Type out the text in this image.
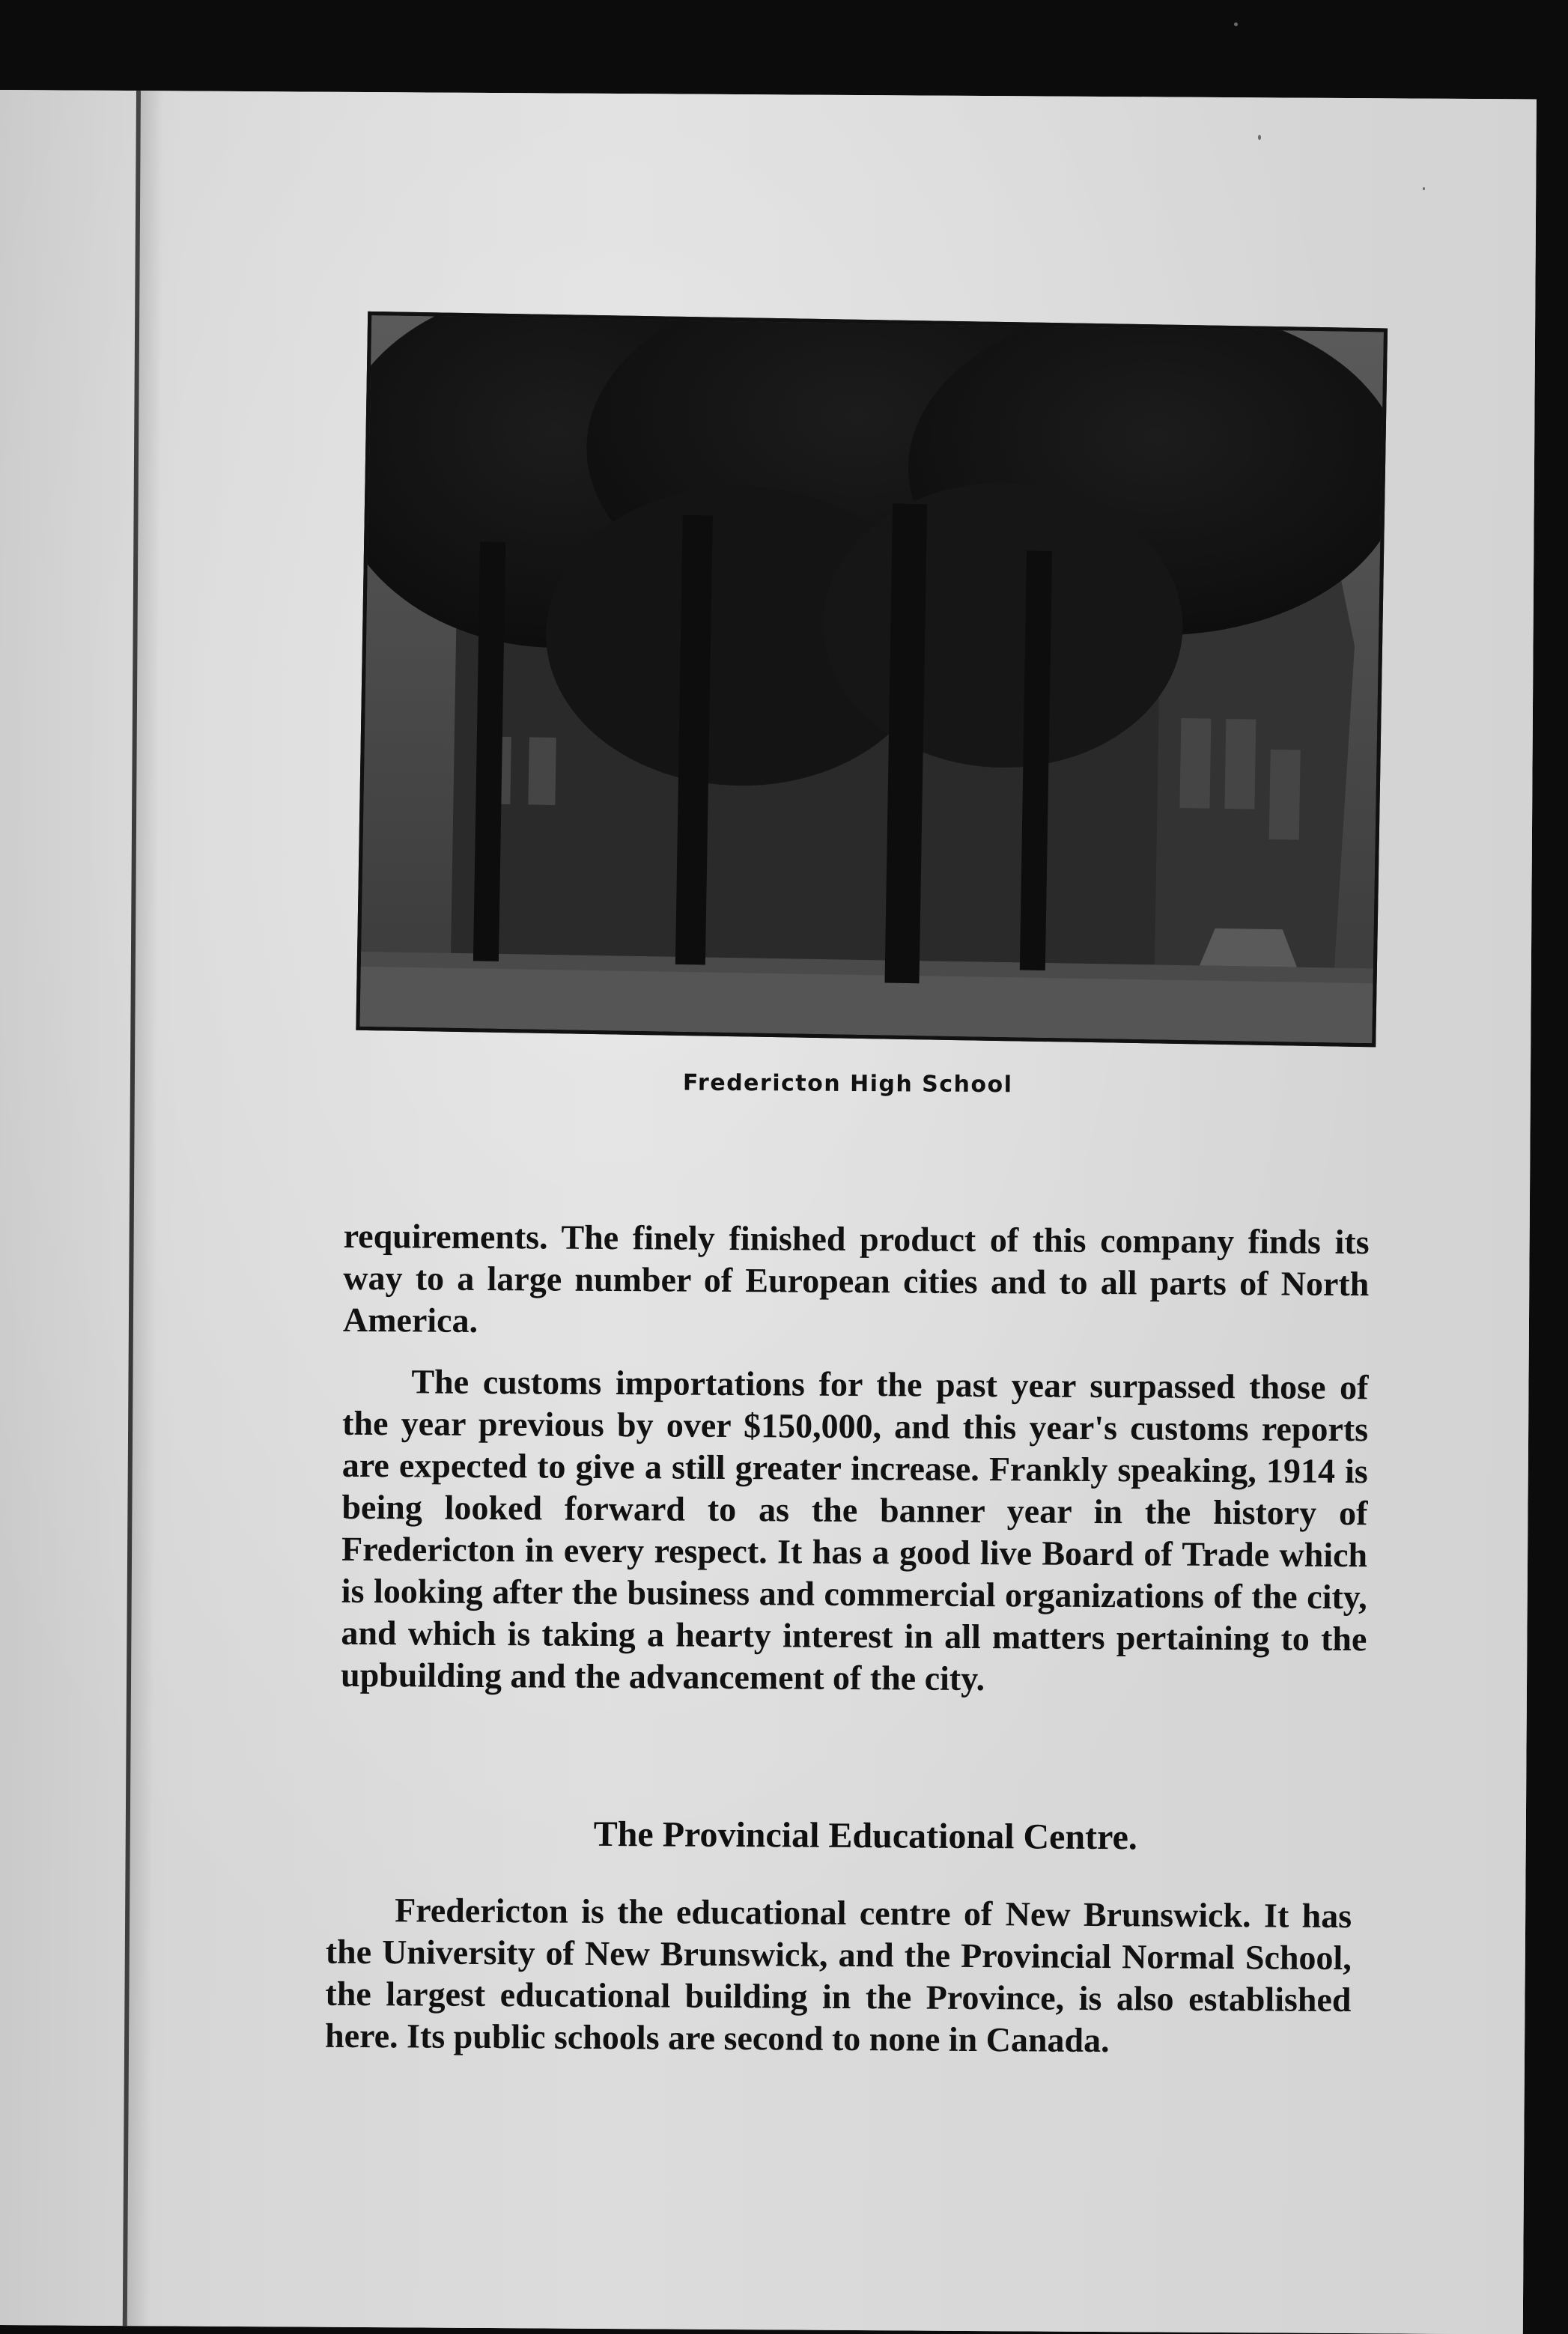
Fredericton High School

requirements. The finely finished product of this company finds its way to a large number of European cities and to all parts of North America.

The customs importations for the past year surpassed those of the year previous by over $150,000, and this year's customs reports are expected to give a still greater increase. Frankly speaking, 1914 is being looked forward to as the banner year in the history of Fredericton in every respect. It has a good live Board of Trade which is looking after the business and commercial organizations of the city, and which is taking a hearty interest in all matters pertaining to the upbuilding and the advancement of the city.

The Provincial Educational Centre.

Fredericton is the educational centre of New Brunswick. It has the University of New Brunswick, and the Provincial Normal School, the largest educational building in the Province, is also established here. Its public schools are second to none in Canada.
